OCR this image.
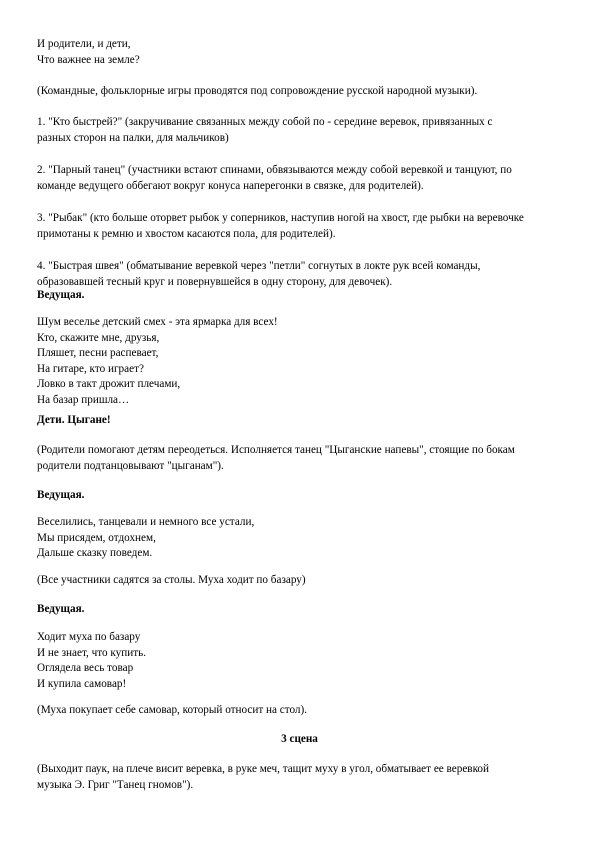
И родители, и дети,
Что важнее на земле?

(Командные, фольклорные игры проводятся под сопровождение русской народной музыки).

1. "Кто быстрей?" (закручивание связанных между собой по - середине веревок, привязанных с
разных сторон на палки, для мальчиков)
2. "Парный танец" (участники встают спинами, обвязываются между собой веревкой и танцуют, по
команде ведущего оббегают вокруг конуса наперегонки в связке, для родителей).
3. "Рыбак" (кто больше оторвет рыбок у соперников, наступив ногой на хвост, где рыбки на веревочке
примотаны к ремню и хвостом касаются пола, для родителей).
4. "Быстрая швея" (обматывание веревкой через "петли" согнутых в локте рук всей команды,
образовавшей тесный круг и повернувшейся в одну сторону, для девочек).

Ведущая.

Шум веселье детский смех - эта ярмарка для всех!
Кто, скажите мне, друзья,
Пляшет, песни распевает,
На гитаре, кто играет?
Ловко в такт дрожит плечами,
На базар пришла…

Дети. Цыгане!

(Родители помогают детям переодеться. Исполняется танец "Цыганские напевы", стоящие по бокам
родители подтанцовывают "цыганам").

Ведущая.

Веселились, танцевали и немного все устали,
Мы присядем, отдохнем,
Дальше сказку поведем.

(Все участники садятся за столы. Муха ходит по базару)

Ведущая.

Ходит муха по базару
И не знает, что купить.
Оглядела весь товар
И купила самовар!

(Муха покупает себе самовар, который относит на стол).

3 сцена

(Выходит паук, на плече висит веревка, в руке меч, тащит муху в угол, обматывает ее веревкой
музыка Э. Григ "Танец гномов").
